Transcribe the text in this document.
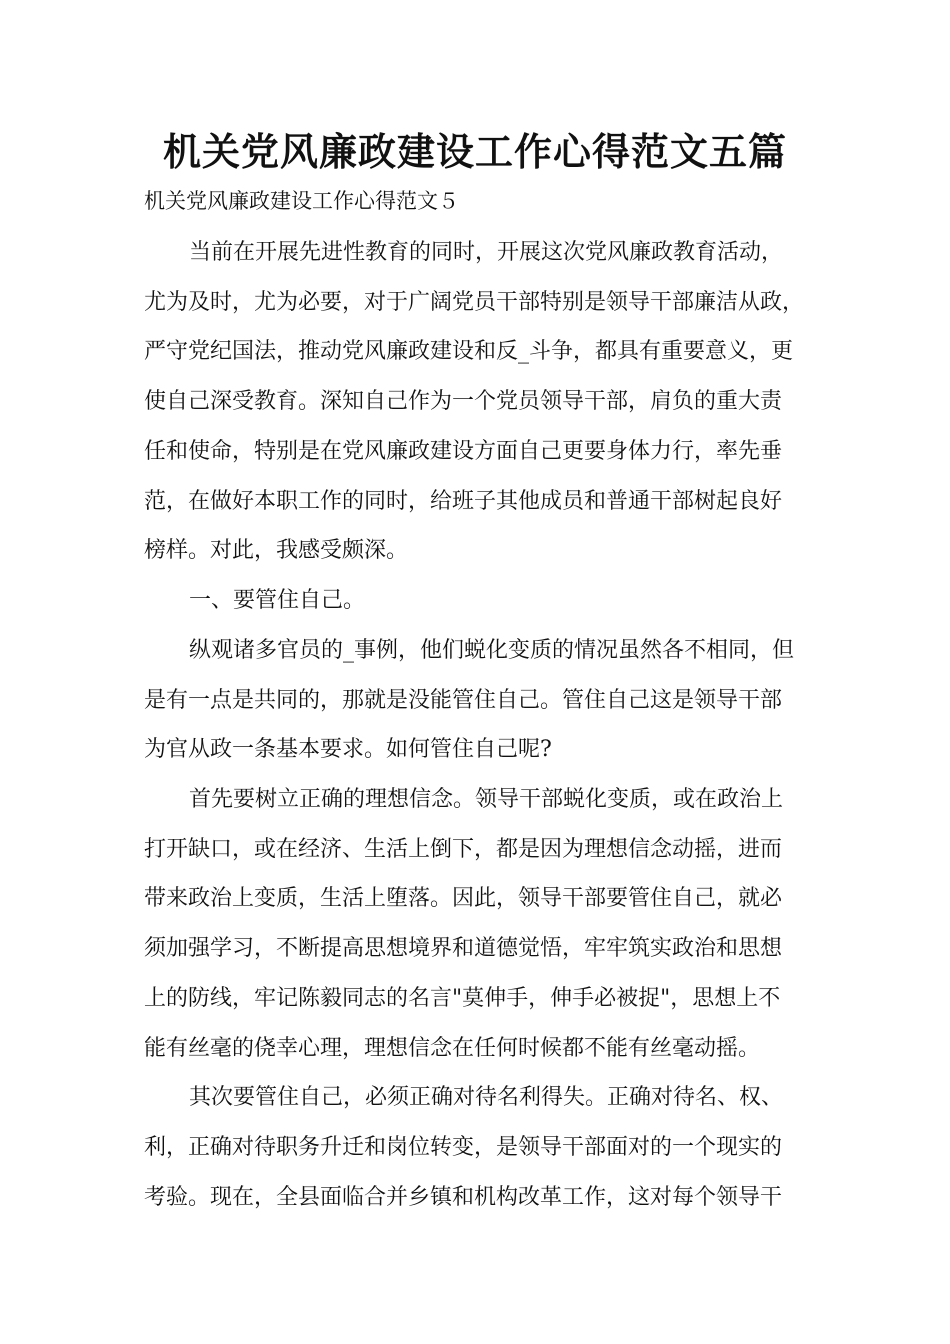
机关党风廉政建设工作心得范文五篇

机关党风廉政建设工作心得范文５

当前在开展先进性教育的同时，开展这次党风廉政教育活动，

尤为及时，尤为必要，对于广阔党员干部特别是领导干部廉洁从政，

严守党纪国法，推动党风廉政建设和反_斗争，都具有重要意义，更

使自己深受教育。深知自己作为一个党员领导干部，肩负的重大责

任和使命，特别是在党风廉政建设方面自己更要身体力行，率先垂

范，在做好本职工作的同时，给班子其他成员和普通干部树起良好

榜样。对此，我感受颇深。

一、要管住自己。

纵观诸多官员的_事例，他们蜕化变质的情况虽然各不相同，但

是有一点是共同的，那就是没能管住自己。管住自己这是领导干部

为官从政一条基本要求。如何管住自己呢?

首先要树立正确的理想信念。领导干部蜕化变质，或在政治上

打开缺口，或在经济、生活上倒下，都是因为理想信念动摇，进而

带来政治上变质，生活上堕落。因此，领导干部要管住自己，就必

须加强学习，不断提高思想境界和道德觉悟，牢牢筑实政治和思想

上的防线，牢记陈毅同志的名言"莫伸手，伸手必被捉"，思想上不

能有丝毫的侥幸心理，理想信念在任何时候都不能有丝毫动摇。

其次要管住自己，必须正确对待名利得失。正确对待名、权、

利，正确对待职务升迁和岗位转变，是领导干部面对的一个现实的

考验。现在，全县面临合并乡镇和机构改革工作，这对每个领导干
